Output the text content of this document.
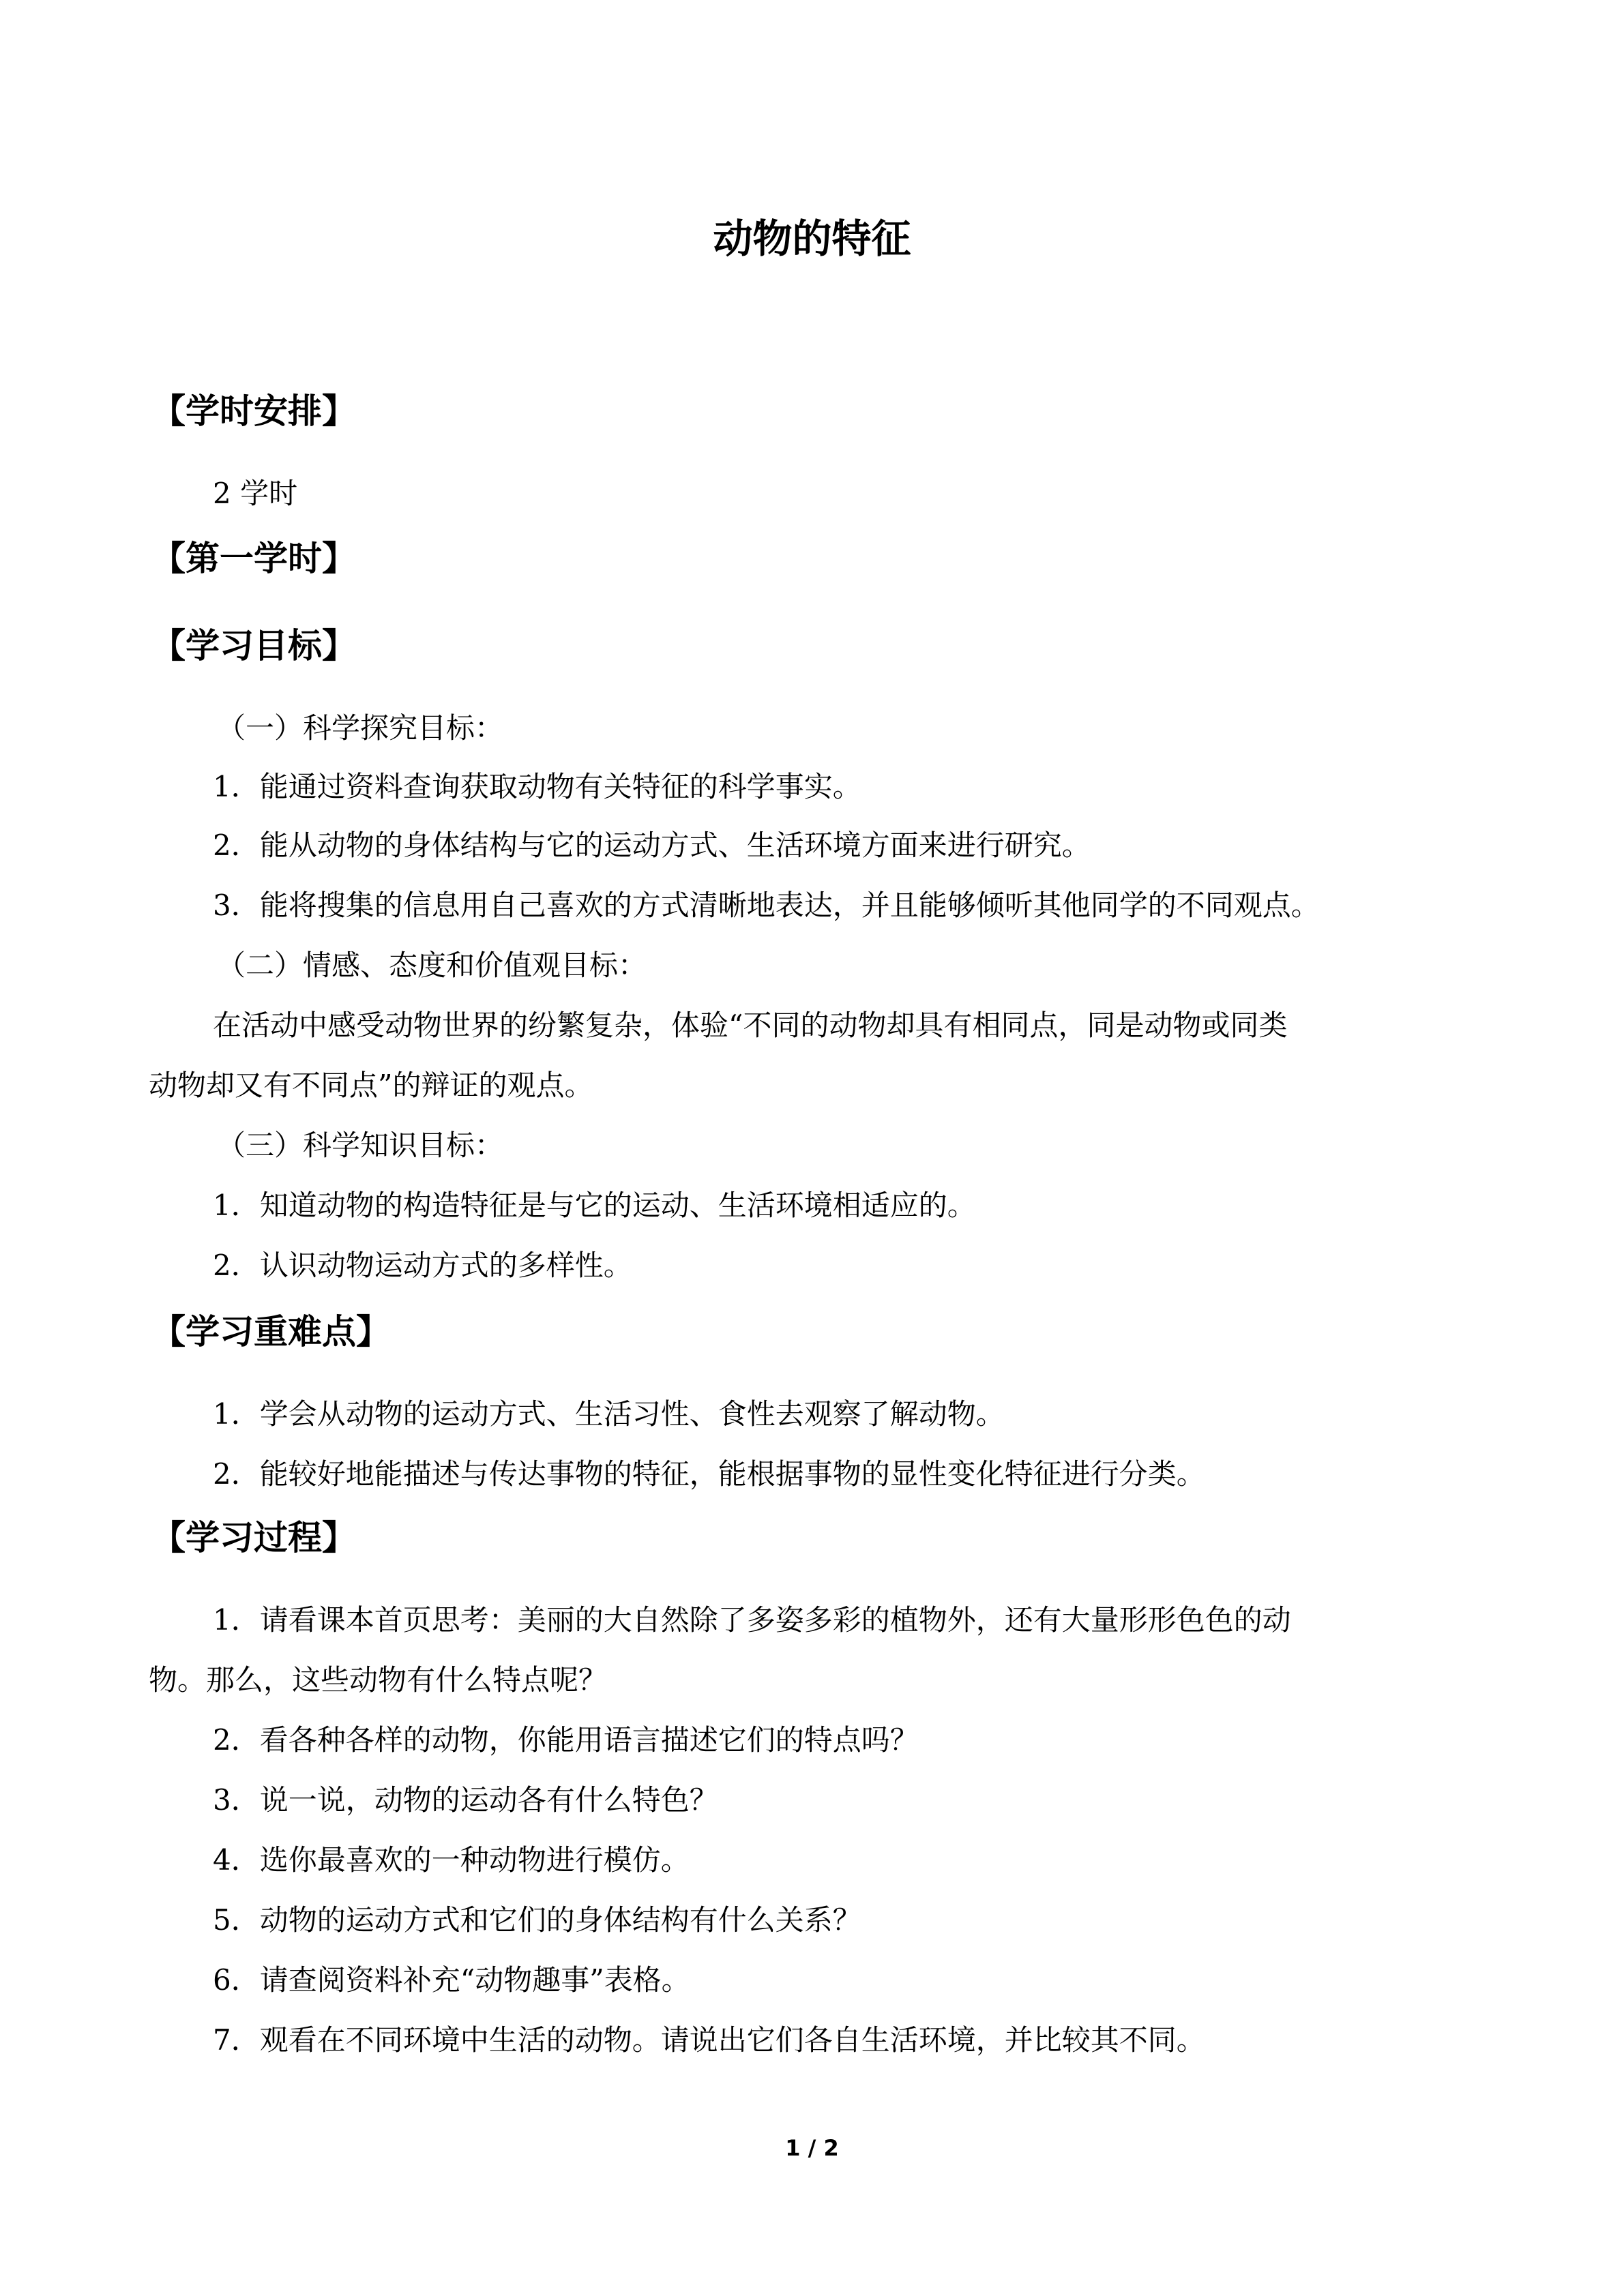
动物的特征
【学时安排】
2 学时
【第一学时】
【学习目标】
（一）科学探究目标：
1．能通过资料查询获取动物有关特征的科学事实。
2．能从动物的身体结构与它的运动方式、生活环境方面来进行研究。
3．能将搜集的信息用自己喜欢的方式清晰地表达，并且能够倾听其他同学的不同观点。
（二）情感、态度和价值观目标：
在活动中感受动物世界的纷繁复杂，体验“不同的动物却具有相同点，同是动物或同类
动物却又有不同点”的辩证的观点。
（三）科学知识目标：
1．知道动物的构造特征是与它的运动、生活环境相适应的。
2．认识动物运动方式的多样性。
【学习重难点】
1．学会从动物的运动方式、生活习性、食性去观察了解动物。
2．能较好地能描述与传达事物的特征，能根据事物的显性变化特征进行分类。
【学习过程】
1．请看课本首页思考：美丽的大自然除了多姿多彩的植物外，还有大量形形色色的动
物。那么，这些动物有什么特点呢？
2．看各种各样的动物，你能用语言描述它们的特点吗？
3．说一说，动物的运动各有什么特色？
4．选你最喜欢的一种动物进行模仿。
5．动物的运动方式和它们的身体结构有什么关系？
6．请查阅资料补充“动物趣事”表格。
7．观看在不同环境中生活的动物。请说出它们各自生活环境，并比较其不同。
1 / 2
